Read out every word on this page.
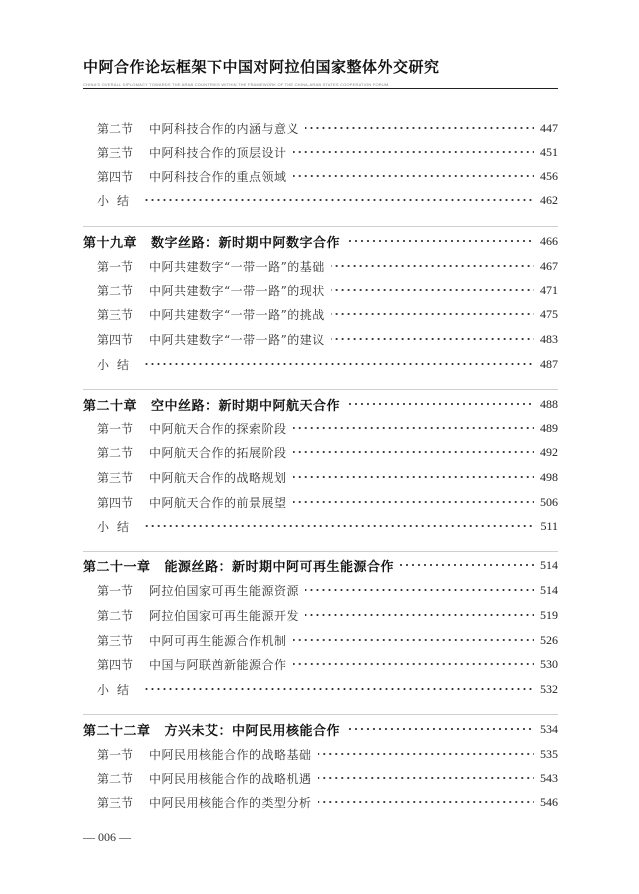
中阿合作论坛框架下中国对阿拉伯国家整体外交研究
CHINA'S OVERALL DIPLOMACY TOWARDS THE ARAB COUNTRIES WITHIN THE FRAMEWORK OF THE CHINA-ARAB STATES COOPERATION FORUM
第二节	中阿科技合作的内涵与意义	447
第三节	中阿科技合作的顶层设计	451
第四节	中阿科技合作的重点领域	456
小结	462
第十九章 数字丝路：新时期中阿数字合作	466
第一节	中阿共建数字“一带一路”的基础	467
第二节	中阿共建数字“一带一路”的现状	471
第三节	中阿共建数字“一带一路”的挑战	475
第四节	中阿共建数字“一带一路”的建议	483
小结	487
第二十章 空中丝路：新时期中阿航天合作	488
第一节	中阿航天合作的探索阶段	489
第二节	中阿航天合作的拓展阶段	492
第三节	中阿航天合作的战略规划	498
第四节	中阿航天合作的前景展望	506
小结	511
第二十一章 能源丝路：新时期中阿可再生能源合作	514
第一节	阿拉伯国家可再生能源资源	514
第二节	阿拉伯国家可再生能源开发	519
第三节	中阿可再生能源合作机制	526
第四节	中国与阿联酋新能源合作	530
小结	532
第二十二章 方兴未艾：中阿民用核能合作	534
第一节	中阿民用核能合作的战略基础	535
第二节	中阿民用核能合作的战略机遇	543
第三节	中阿民用核能合作的类型分析	546
— 006 —
